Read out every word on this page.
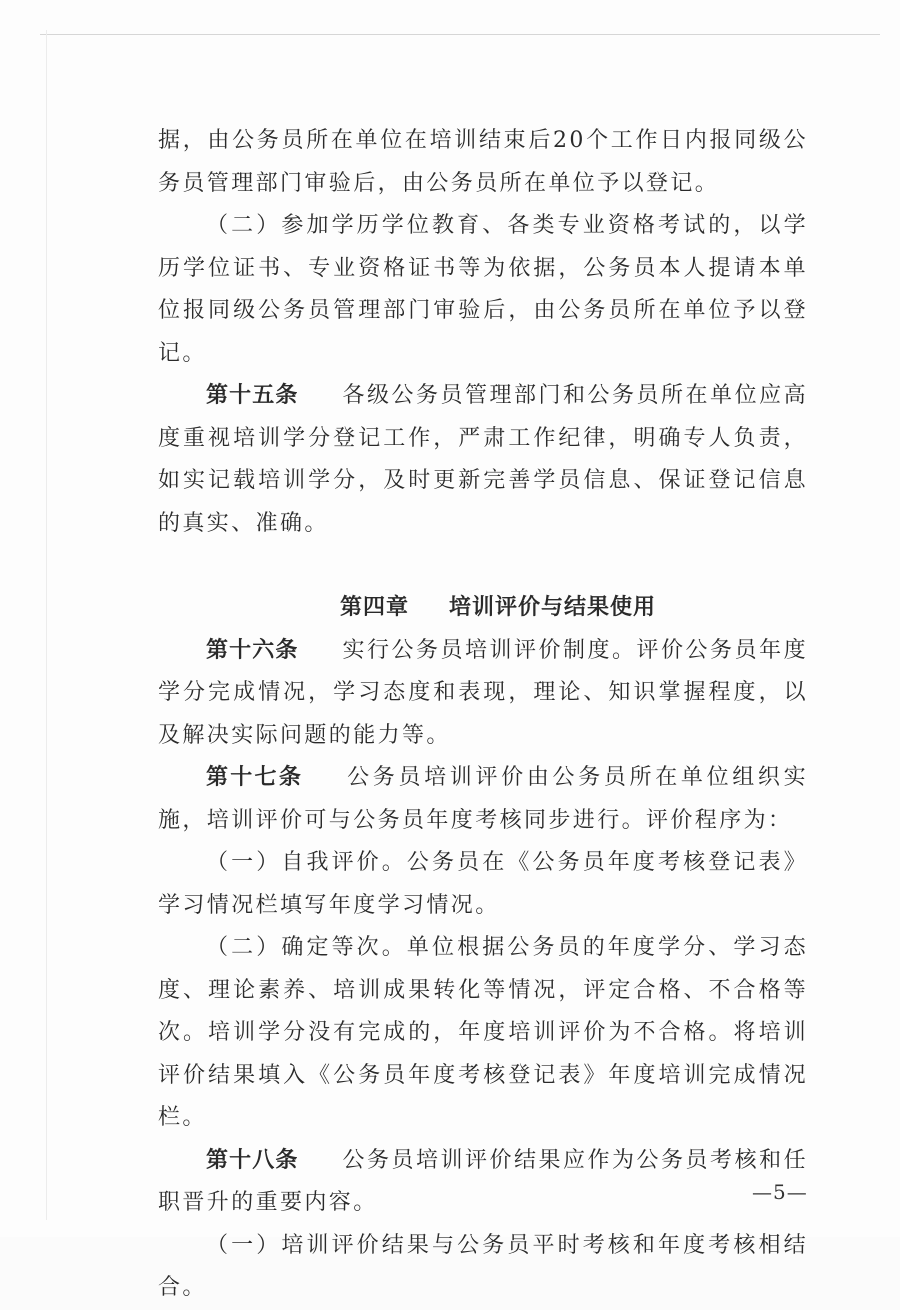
据，由公务员所在单位在培训结束后20个工作日内报同级公务员管理部门审验后，由公务员所在单位予以登记。

（二）参加学历学位教育、各类专业资格考试的，以学历学位证书、专业资格证书等为依据，公务员本人提请本单位报同级公务员管理部门审验后，由公务员所在单位予以登记。

第十五条 各级公务员管理部门和公务员所在单位应高度重视培训学分登记工作，严肃工作纪律，明确专人负责，如实记载培训学分，及时更新完善学员信息、保证登记信息的真实、准确。

第四章 培训评价与结果使用

第十六条 实行公务员培训评价制度。评价公务员年度学分完成情况，学习态度和表现，理论、知识掌握程度，以及解决实际问题的能力等。

第十七条 公务员培训评价由公务员所在单位组织实施，培训评价可与公务员年度考核同步进行。评价程序为：

（一）自我评价。公务员在《公务员年度考核登记表》学习情况栏填写年度学习情况。

（二）确定等次。单位根据公务员的年度学分、学习态度、理论素养、培训成果转化等情况，评定合格、不合格等次。培训学分没有完成的，年度培训评价为不合格。将培训评价结果填入《公务员年度考核登记表》年度培训完成情况栏。

第十八条 公务员培训评价结果应作为公务员考核和任职晋升的重要内容。

（一）培训评价结果与公务员平时考核和年度考核相结合。

—5—
